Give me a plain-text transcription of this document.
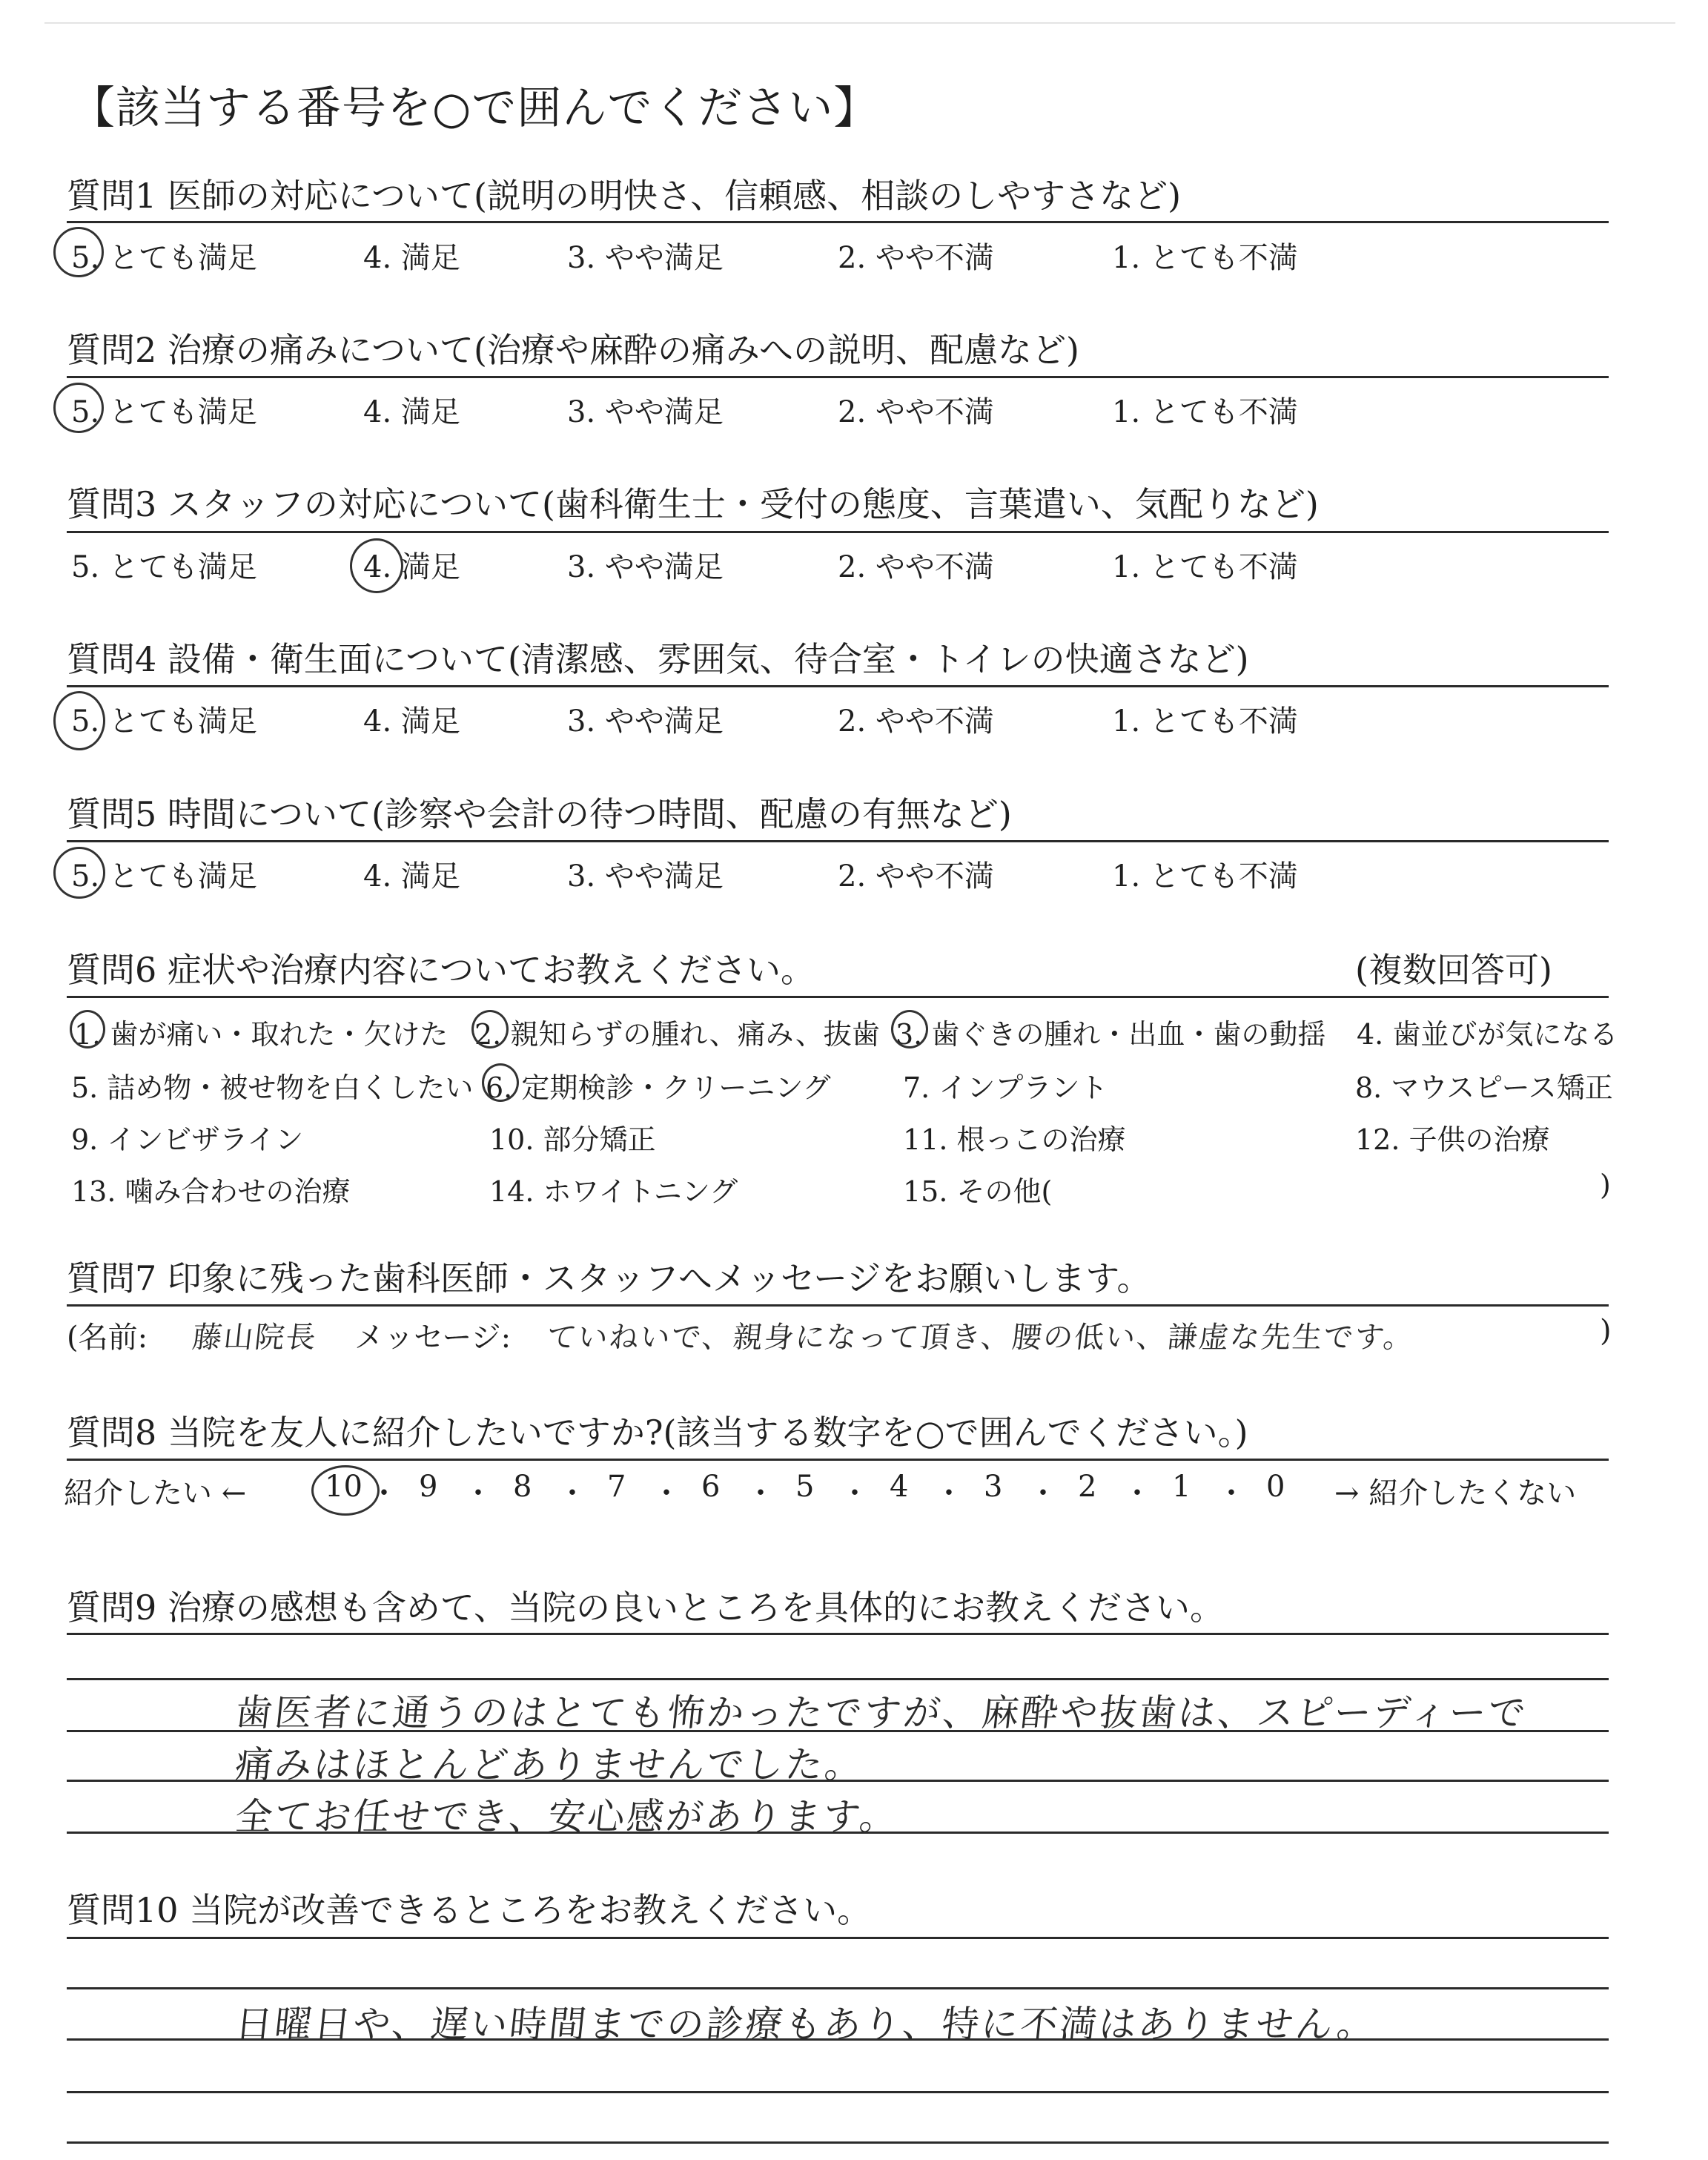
【該当する番号を○で囲んでください】
質問1 医師の対応について(説明の明快さ、信頼感、相談のしやすさなど)
5. とても満足	4. 満足	3. やや満足	2. やや不満	1. とても不満
質問2 治療の痛みについて(治療や麻酔の痛みへの説明、配慮など)
5. とても満足	4. 満足	3. やや満足	2. やや不満	1. とても不満
質問3 スタッフの対応について(歯科衛生士・受付の態度、言葉遣い、気配りなど)
5. とても満足	4. 満足	3. やや満足	2. やや不満	1. とても不満
質問4 設備・衛生面について(清潔感、雰囲気、待合室・トイレの快適さなど)
5. とても満足	4. 満足	3. やや満足	2. やや不満	1. とても不満
質問5 時間について(診察や会計の待つ時間、配慮の有無など)
5. とても満足	4. 満足	3. やや満足	2. やや不満	1. とても不満
質問6 症状や治療内容についてお教えください。	(複数回答可)
1. 歯が痛い・取れた・欠けた 2. 親知らずの腫れ、痛み、抜歯 3. 歯ぐきの腫れ・出血・歯の動揺 4. 歯並びが気になる
5. 詰め物・被せ物を白くしたい 6. 定期検診・クリーニング	7. インプラント	8. マウスピース矯正
9. インビザライン	10. 部分矯正	11. 根っこの治療	12. 子供の治療
13. 噛み合わせの治療	14. ホワイトニング	15. その他(	)
質問7 印象に残った歯科医師・スタッフへメッセージをお願いします。
(名前: 藤山院長 メッセージ: ていねいで、親身になって頂き、腰の低い、謙虚な先生です。	)
質問8 当院を友人に紹介したいですか?(該当する数字を○で囲んでください。)
紹介したい ←	10 ・ 9 ・ 8 ・ 7 ・ 6 ・ 5 ・ 4 ・ 3 ・ 2 ・ 1 ・ 0 → 紹介したくない
質問9 治療の感想も含めて、当院の良いところを具体的にお教えください。
歯医者に通うのはとても怖かったですが、麻酔や抜歯は、スピーディーで
痛みはほとんどありませんでした。
全てお任せでき、安心感があります。
質問10 当院が改善できるところをお教えください。
日曜日や、遅い時間までの診療もあり、特に不満はありません。
